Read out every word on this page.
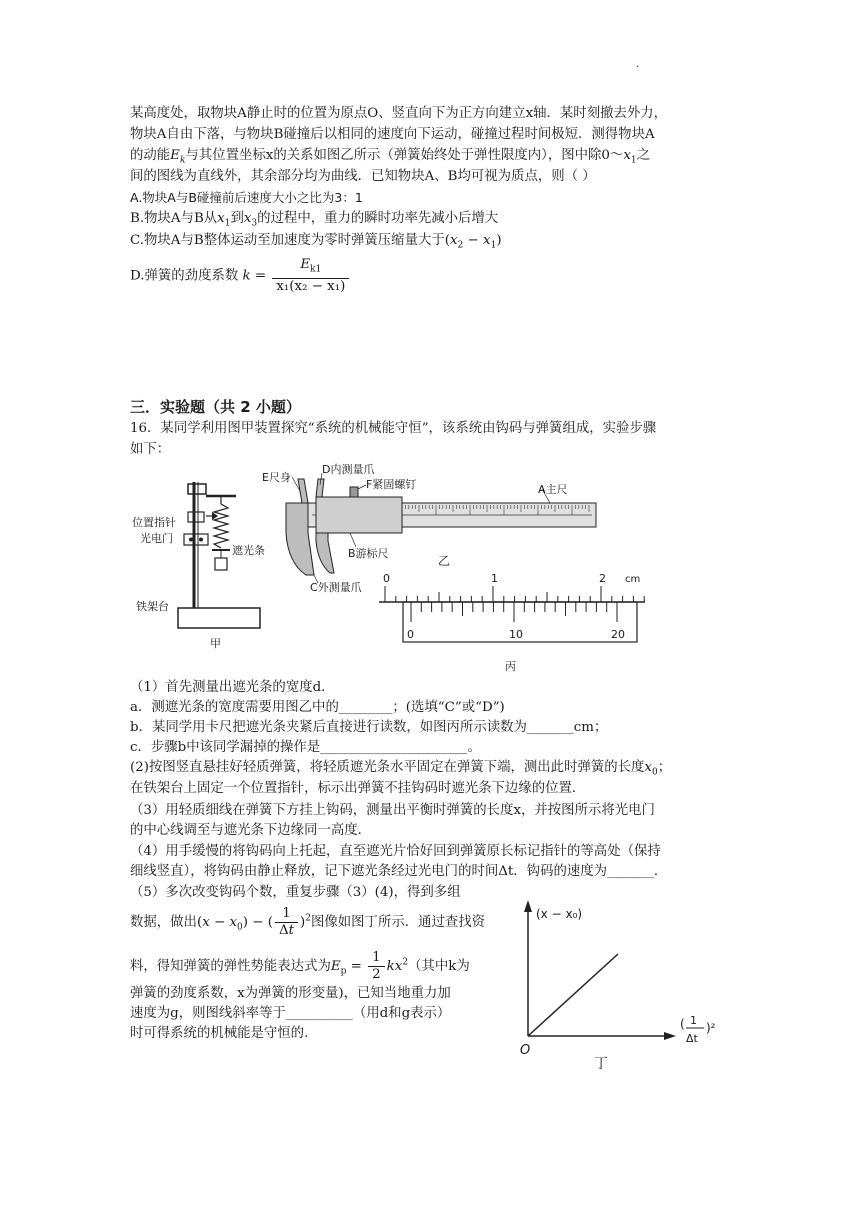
.
某高度处，取物块A静止时的位置为原点O、竖直向下为正方向建立x轴．某时刻撤去外力，
物块A自由下落，与物块B碰撞后以相同的速度向下运动，碰撞过程时间极短．测得物块A
的动能$E_k$与其位置坐标x的关系如图乙所示（弹簧始终处于弹性限度内），图中除$0\sim x_1$之
间的图线为直线外，其余部分均为曲线．已知物块A、B均可视为质点，则（ ）
A.物块A与B碰撞前后速度大小之比为3：1
B.物块A与B从$x_1$到$x_3$的过程中，重力的瞬时功率先减小后增大
C.物块A与B整体运动至加速度为零时弹簧压缩量大于$(x_2 - x_1)$
D.弹簧的劲度系数 $k = \frac{E_{k1}}{\text{x₁(x₂ − x₁)}}$
三．实验题（共 2 小题）
16．某同学利用图甲装置探究“系统的机械能守恒”，该系统由钩码与弹簧组成，实验步骤
如下：
位置指针
光电门
遮光条
铁架台
甲
E尺身
D内测量爪
F紧固螺钉	A主尺
B游标尺
C外测量爪
乙
0	1	2 cm
0	10	20
丙
（1）首先测量出遮光条的宽度d．
a．测遮光条的宽度需要用图乙中的________；(选填“C”或“D”)
b．某同学用卡尺把遮光条夹紧后直接进行读数，如图丙所示读数为_______cm；
c．步骤b中该同学漏掉的操作是______________________。
(2)按图竖直悬挂好轻质弹簧，将轻质遮光条水平固定在弹簧下端，测出此时弹簧的长度$x_0$；
在铁架台上固定一个位置指针，标示出弹簧不挂钩码时遮光条下边缘的位置．
（3）用轻质细线在弹簧下方挂上钩码，测量出平衡时弹簧的长度x，并按图所示将光电门
的中心线调至与遮光条下边缘同一高度．
（4）用手缓慢的将钩码向上托起，直至遮光片恰好回到弹簧原长标记指针的等高处（保持
细线竖直），将钩码由静止释放，记下遮光条经过光电门的时间Δt．钩码的速度为_______．
（5）多次改变钩码个数，重复步骤（3）(4)，得到多组
数据，做出$(x - x_0)$ − ( $\frac{1}{\Delta t} )^2$图像如图丁所示．通过查找资
料，得知弹簧的弹性势能表达式为$E_p = \frac{1}{2} kx^2$（其中k为
弹簧的劲度系数，x为弹簧的形变量)，已知当地重力加
速度为g，则图线斜率等于__________（用d和g表示）
时可得系统的机械能是守恒的.
(x − x₀)
O
( 1
Δt
)²
丁
